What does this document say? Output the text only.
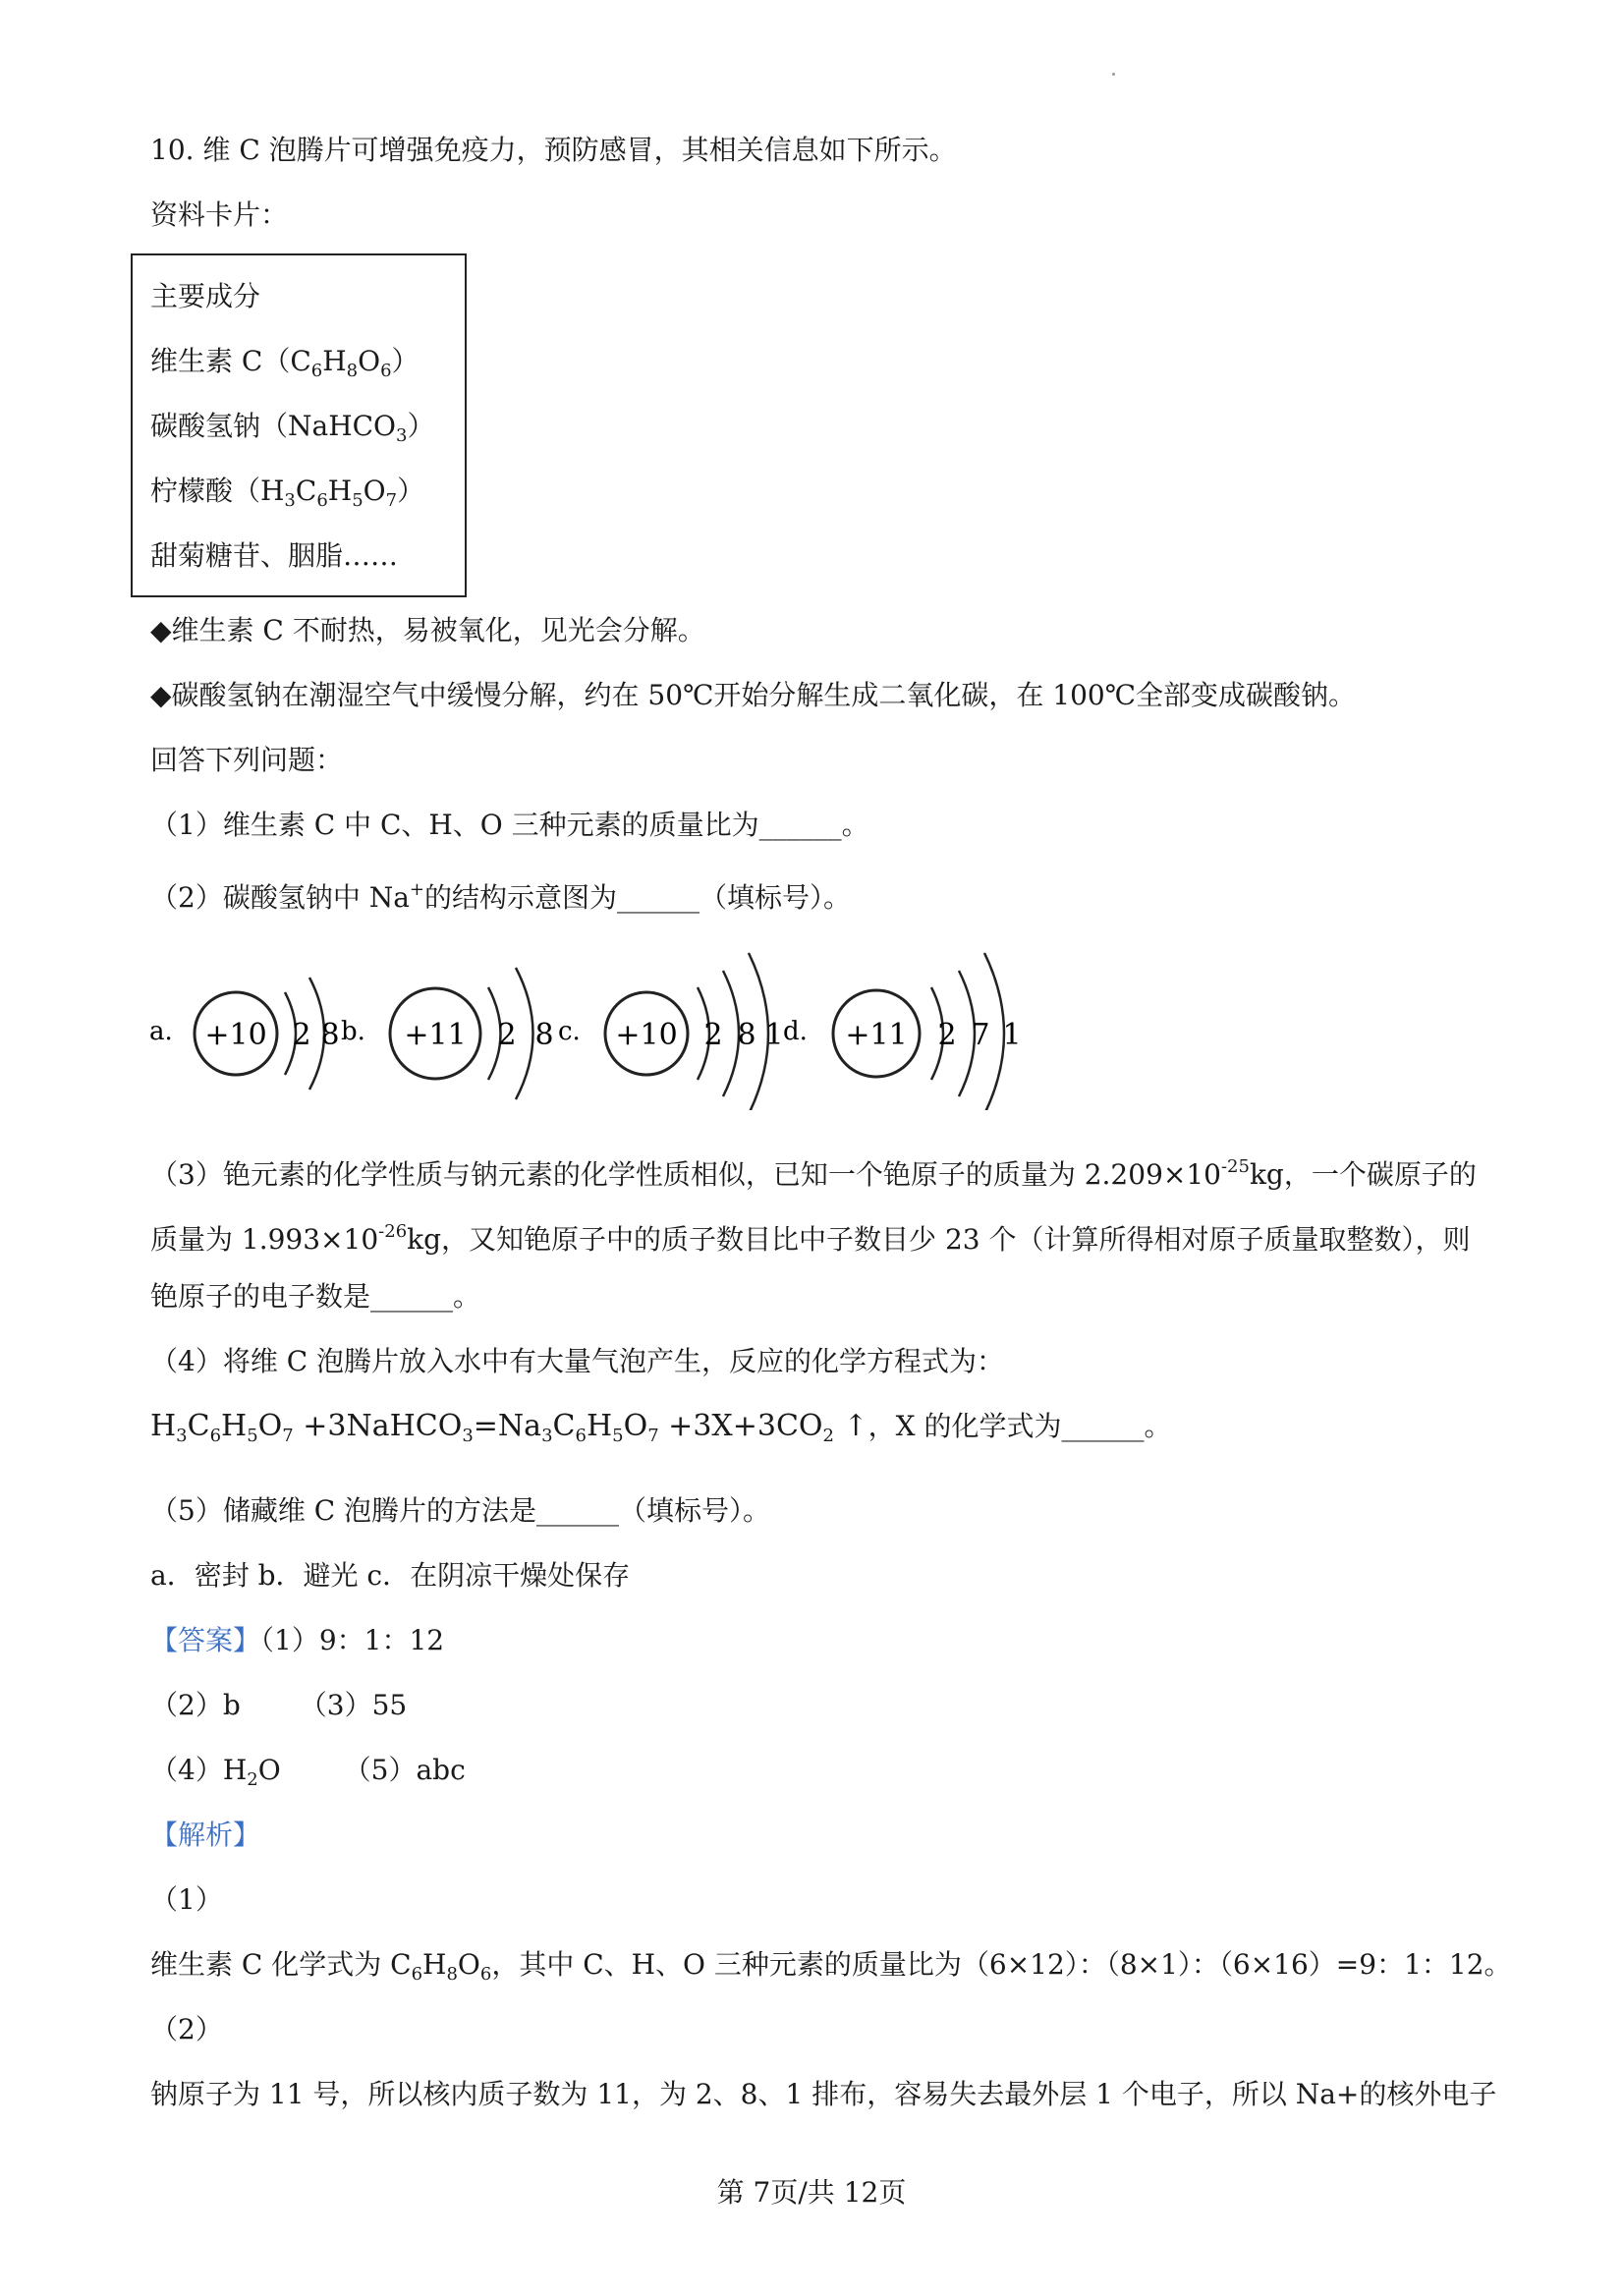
10. 维 C 泡腾片可增强免疫力，预防感冒，其相关信息如下所示。
资料卡片：
主要成分
维生素 $C(C_6H_8O_6)$
碳酸氢钠（NaHCO$_3$）
柠檬酸$(H_3C_6H_5O_7)$
甜菊糖苷、胭脂……
◆维生素 C 不耐热，易被氧化，见光会分解。
◆碳酸氢钠在潮湿空气中缓慢分解，约在 50℃开始分解生成二氧化碳，在 100℃全部变成碳酸钠。
回答下列问题：
（1）维生素 C 中 C、H、O 三种元素的质量比为______。
（2）碳酸氢钠中 Na+的结构示意图为______（填标号）。
a. +10 2 8 b. +11 2 8 c. +10 2 8 1 d. +11 2 7 1
（3）铯元素的化学性质与钠元素的化学性质相似，已知一个铯原子的质量为 $2.209\times 10^{-25}kg$，一个碳原子的
质量为 $1.993\times 10^{-26}kg$，又知铯原子中的质子数目比中子数目少 23 个（计算所得相对原子质量取整数），则
铯原子的电子数是______。
（4）将维 C 泡腾片放入水中有大量气泡产生，反应的化学方程式为：
$H_3C_6H_5O_7$ $+3NaHCO_3=Na_3C_6H_5O_7 +3X+3CO_2$ ↑，X 的化学式为______。
（5）储藏维 C 泡腾片的方法是______（填标号）。
a．密封 b．避光 c．在阴凉干燥处保存
【答案】（1）9：1：12
（2）b （3）55
$(4)H_2O$ （5）abc
【解析】
（1）
维生素 C 化学式为 $C_6H_8O_6$，其中 C、H、O 三种元素的质量比为（6×12）：（8×1）：（6×16）=9：1：12。
（2）
钠原子为 11 号，所以核内质子数为 11，为 2、8、1 排布，容易失去最外层 1 个电子，所以 Na+的核外电子
第 7页/共 12页
